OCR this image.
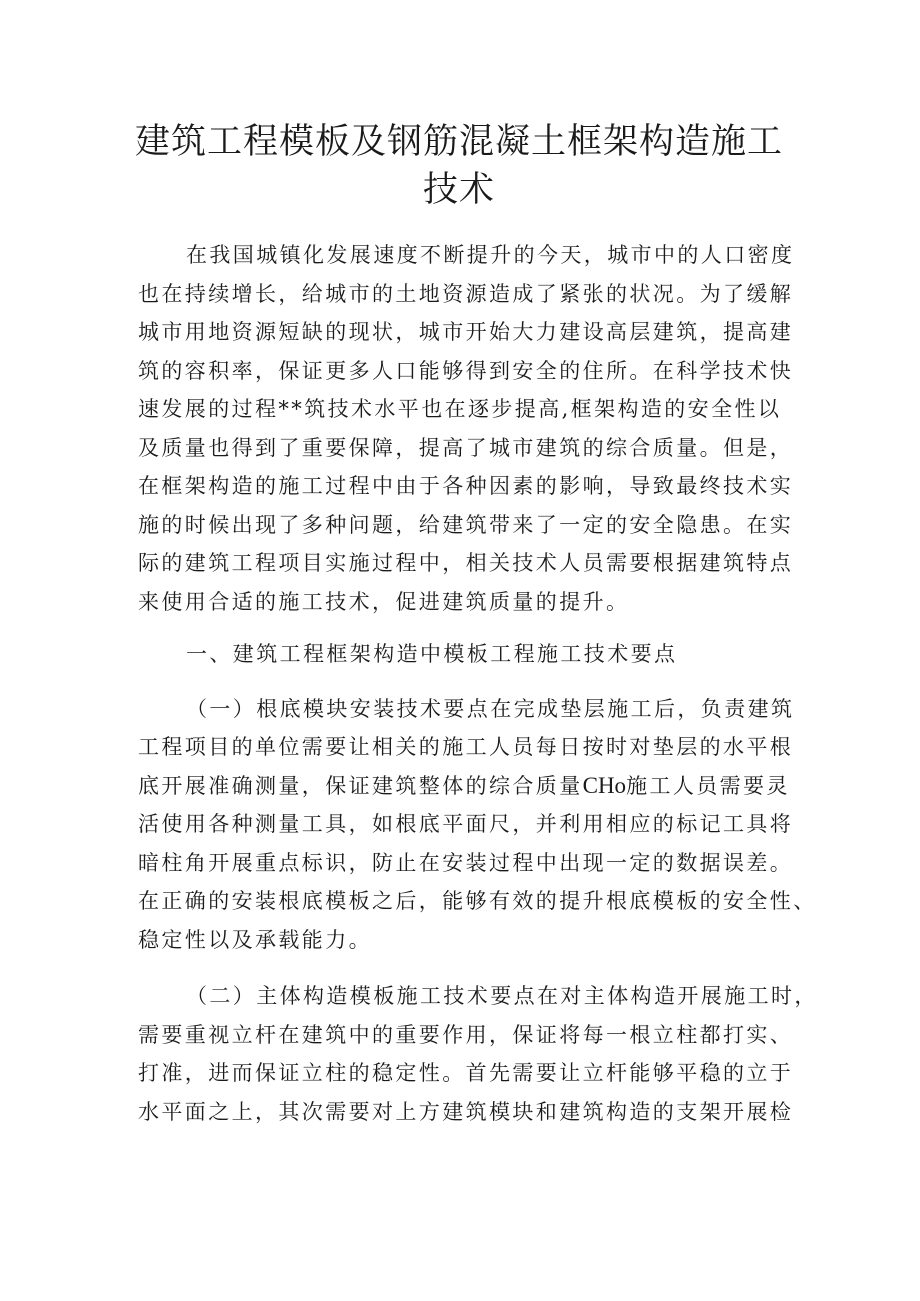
建筑工程模板及钢筋混凝土框架构造施工
技术

在我国城镇化发展速度不断提升的今天，城市中的人口密度
也在持续增长，给城市的土地资源造成了紧张的状况。为了缓解
城市用地资源短缺的现状，城市开始大力建设高层建筑，提高建
筑的容积率，保证更多人口能够得到安全的住所。在科学技术快
速发展的过程**筑技术水平也在逐步提高,框架构造的安全性以
及质量也得到了重要保障，提高了城市建筑的综合质量。但是，
在框架构造的施工过程中由于各种因素的影响，导致最终技术实
施的时候出现了多种问题，给建筑带来了一定的安全隐患。在实
际的建筑工程项目实施过程中，相关技术人员需要根据建筑特点
来使用合适的施工技术，促进建筑质量的提升。

一、建筑工程框架构造中模板工程施工技术要点

（一）根底模块安装技术要点在完成垫层施工后，负责建筑
工程项目的单位需要让相关的施工人员每日按时对垫层的水平根
底开展准确测量，保证建筑整体的综合质量CHo施工人员需要灵
活使用各种测量工具，如根底平面尺，并利用相应的标记工具将
暗柱角开展重点标识，防止在安装过程中出现一定的数据误差。
在正确的安装根底模板之后，能够有效的提升根底模板的安全性、
稳定性以及承载能力。

（二）主体构造模板施工技术要点在对主体构造开展施工时，
需要重视立杆在建筑中的重要作用，保证将每一根立柱都打实、
打准，进而保证立柱的稳定性。首先需要让立杆能够平稳的立于
水平面之上，其次需要对上方建筑模块和建筑构造的支架开展检
